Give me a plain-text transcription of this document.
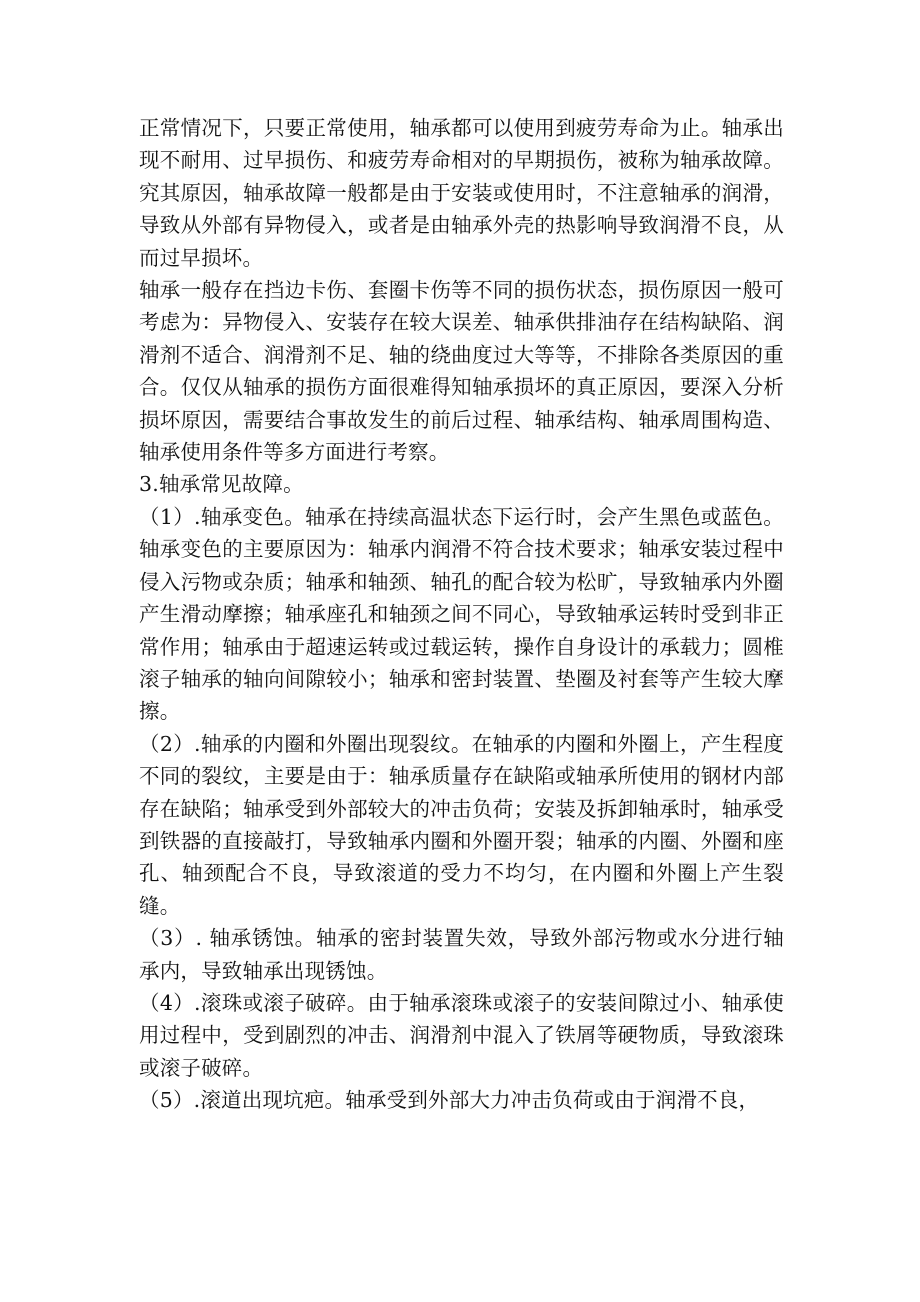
正常情况下，只要正常使用，轴承都可以使用到疲劳寿命为止。轴承出现不耐用、过早损伤、和疲劳寿命相对的早期损伤，被称为轴承故障。究其原因，轴承故障一般都是由于安装或使用时，不注意轴承的润滑，导致从外部有异物侵入，或者是由轴承外壳的热影响导致润滑不良，从而过早损坏。

轴承一般存在挡边卡伤、套圈卡伤等不同的损伤状态，损伤原因一般可考虑为：异物侵入、安装存在较大误差、轴承供排油存在结构缺陷、润滑剂不适合、润滑剂不足、轴的绕曲度过大等等，不排除各类原因的重合。仅仅从轴承的损伤方面很难得知轴承损坏的真正原因，要深入分析损坏原因，需要结合事故发生的前后过程、轴承结构、轴承周围构造、轴承使用条件等多方面进行考察。

3.轴承常见故障。

（1）.轴承变色。轴承在持续高温状态下运行时，会产生黑色或蓝色。轴承变色的主要原因为：轴承内润滑不符合技术要求；轴承安装过程中侵入污物或杂质；轴承和轴颈、轴孔的配合较为松旷，导致轴承内外圈产生滑动摩擦；轴承座孔和轴颈之间不同心，导致轴承运转时受到非正常作用；轴承由于超速运转或过载运转，操作自身设计的承载力；圆椎滚子轴承的轴向间隙较小；轴承和密封装置、垫圈及衬套等产生较大摩擦。

（2）.轴承的内圈和外圈出现裂纹。在轴承的内圈和外圈上，产生程度不同的裂纹，主要是由于：轴承质量存在缺陷或轴承所使用的钢材内部存在缺陷；轴承受到外部较大的冲击负荷；安装及拆卸轴承时，轴承受到铁器的直接敲打，导致轴承内圈和外圈开裂；轴承的内圈、外圈和座孔、轴颈配合不良，导致滚道的受力不均匀，在内圈和外圈上产生裂缝。

（3）. 轴承锈蚀。轴承的密封装置失效，导致外部污物或水分进行轴承内，导致轴承出现锈蚀。

（4）.滚珠或滚子破碎。由于轴承滚珠或滚子的安装间隙过小、轴承使用过程中，受到剧烈的冲击、润滑剂中混入了铁屑等硬物质，导致滚珠或滚子破碎。

（5）.滚道出现坑疤。轴承受到外部大力冲击负荷或由于润滑不良，
